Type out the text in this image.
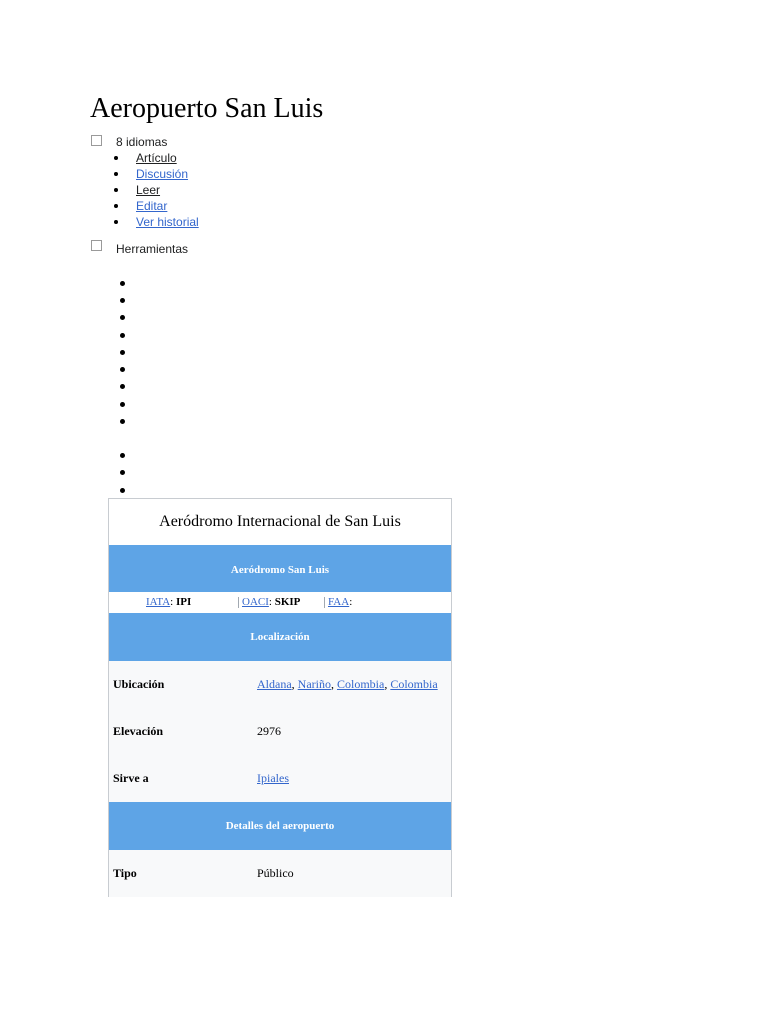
Aeropuerto San Luis
8 idiomas
Artículo
Discusión
Leer
Editar
Ver historial
Herramientas
Aeródromo Internacional de San Luis
Aeródromo San Luis
IATA: IPI	OACI: SKIP	FAA:
Localización
Ubicación	Aldana, Nariño, Colombia, Colombia
Elevación	2976
Sirve a	Ipiales
Detalles del aeropuerto
Tipo	Público
